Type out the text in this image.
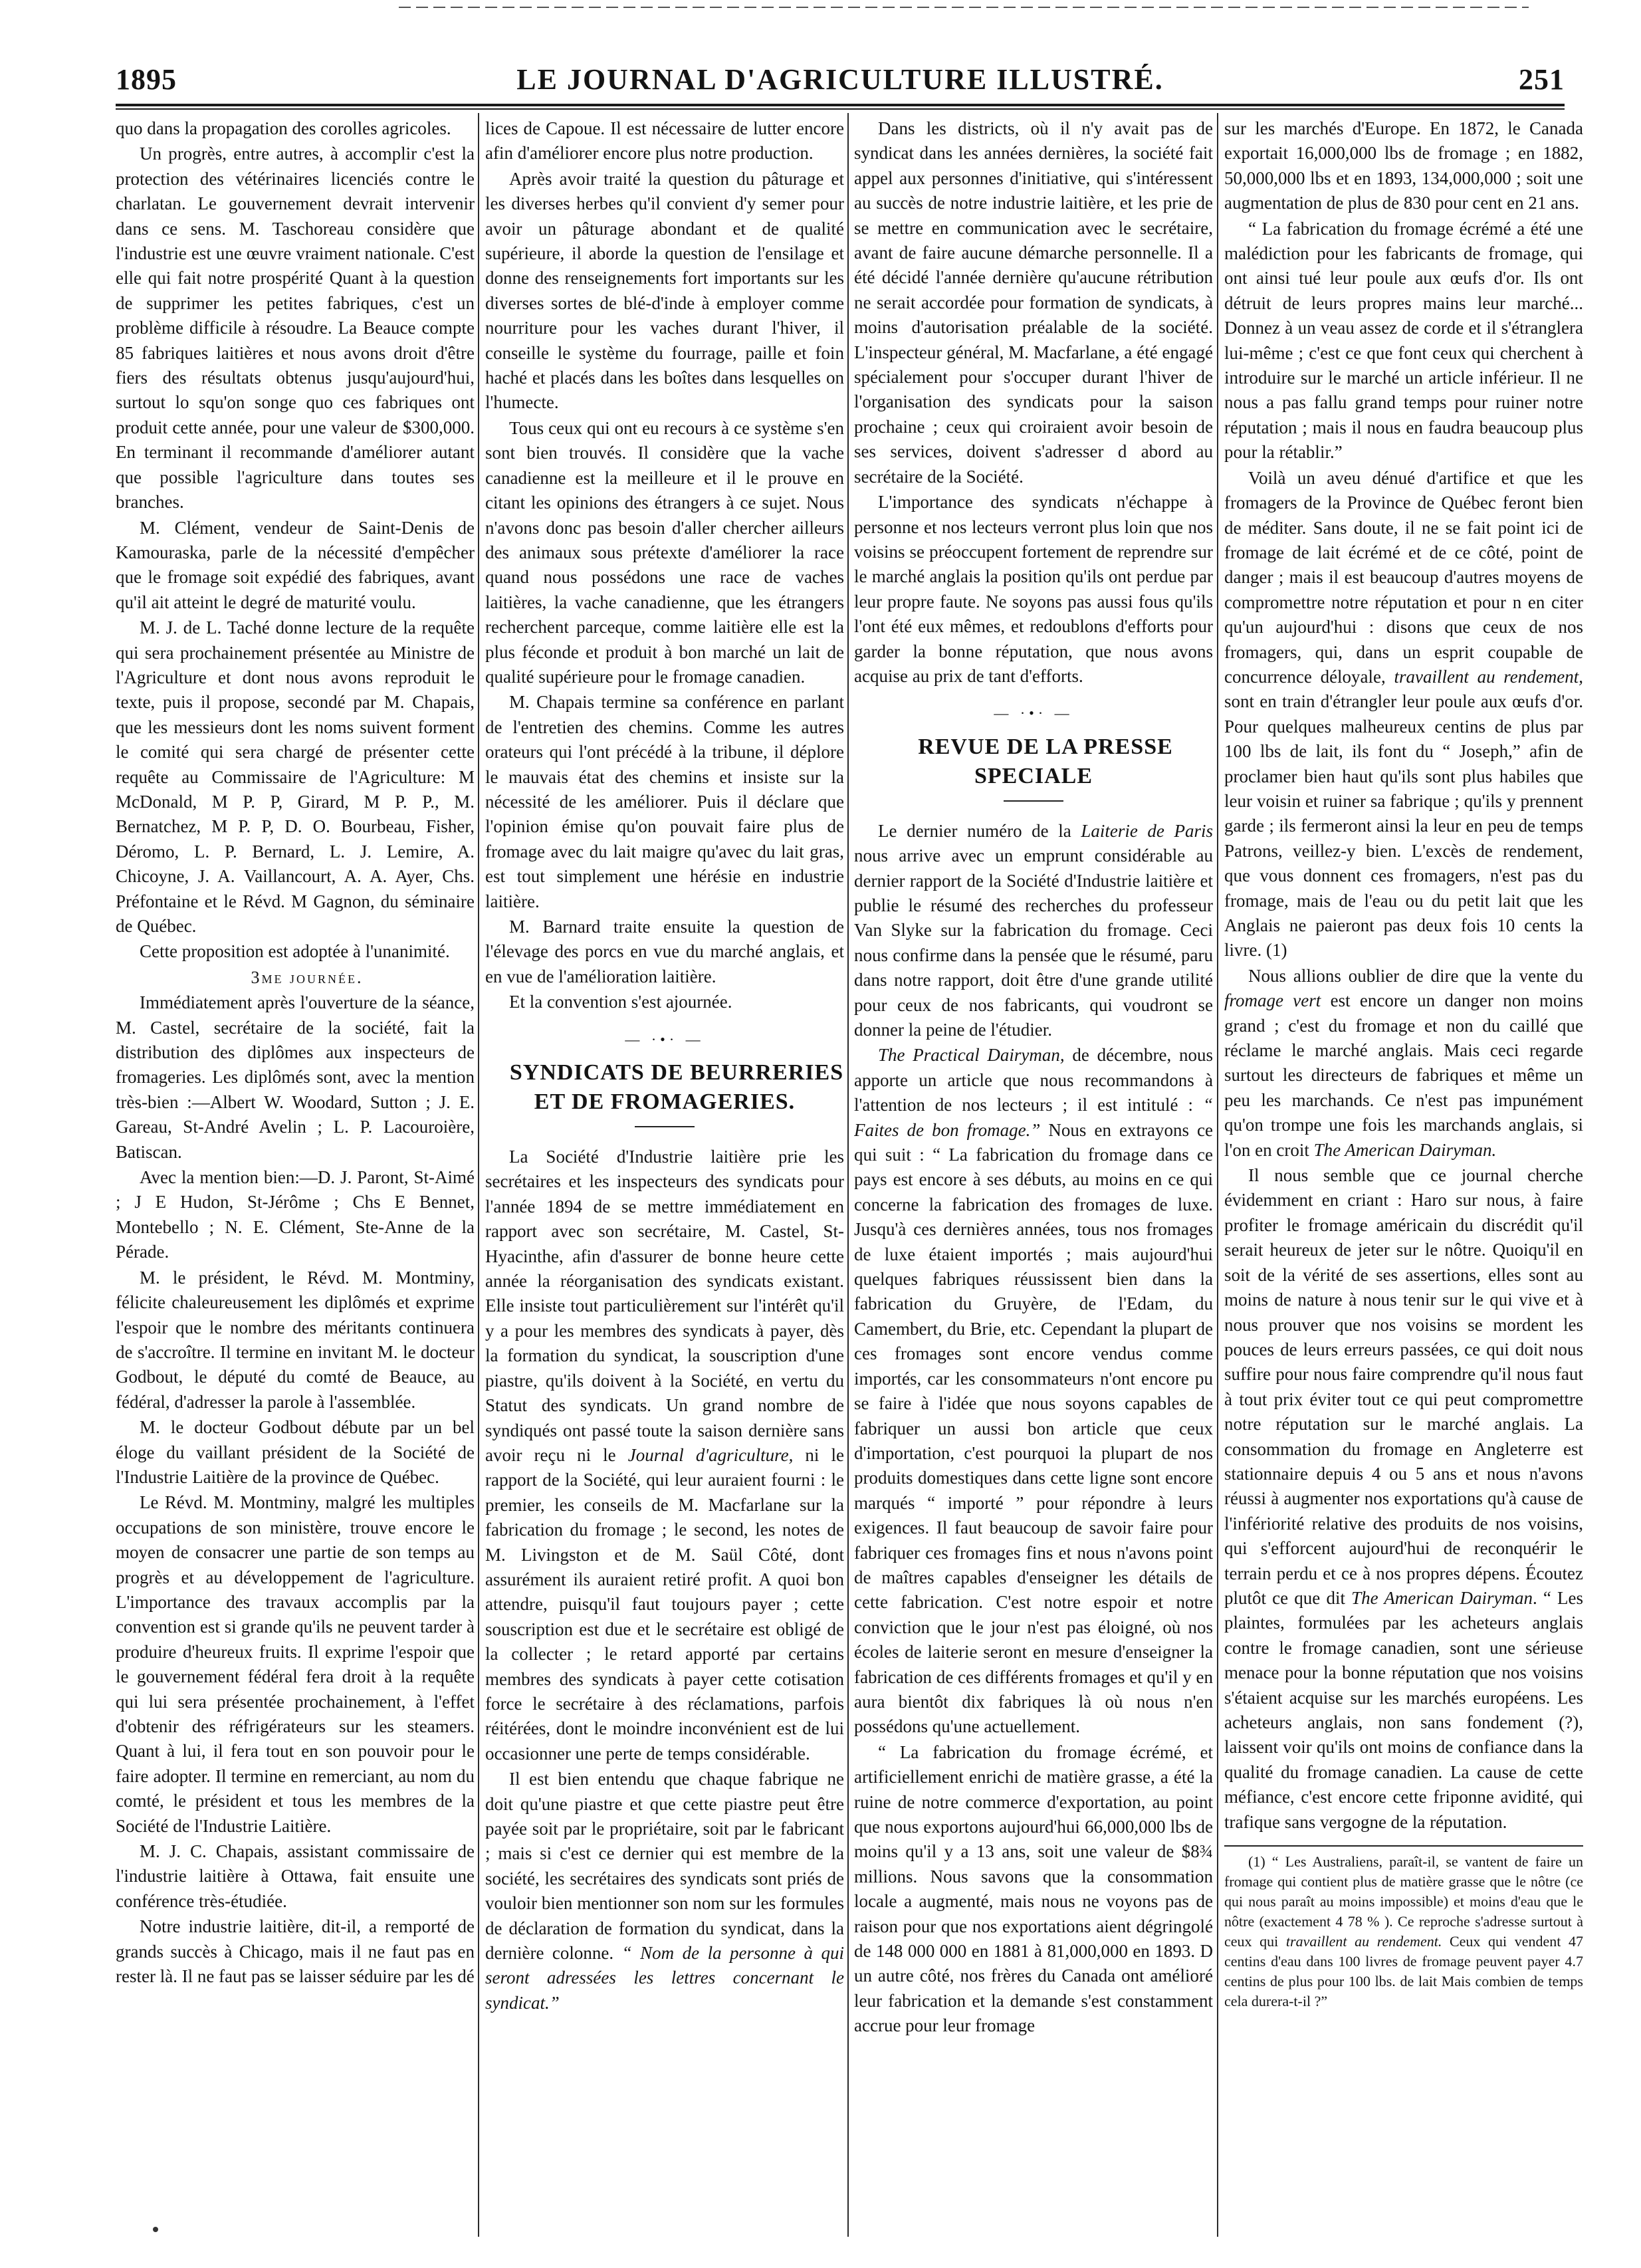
1895	LE JOURNAL D'AGRICULTURE ILLUSTRÉ.	251

quo dans la propagation des corolles agricoles.

Un progrès, entre autres, à accomplir c'est la protection des vétérinaires licenciés contre le charlatan. Le gouvernement devrait intervenir dans ce sens. M. Taschoreau considère que l'industrie est une œuvre vraiment nationale. C'est elle qui fait notre prospérité Quant à la question de supprimer les petites fabriques, c'est un problème difficile à résoudre. La Beauce compte 85 fabriques laitières et nous avons droit d'être fiers des résultats obtenus jusqu'aujourd'hui, surtout lo squ'on songe quo ces fabriques ont produit cette année, pour une valeur de $300,000. En terminant il recommande d'améliorer autant que possible l'agriculture dans toutes ses branches.

M. Clément, vendeur de Saint-Denis de Kamouraska, parle de la nécessité d'empêcher que le fromage soit expédié des fabriques, avant qu'il ait atteint le degré de maturité voulu.

M. J. de L. Taché donne lecture de la requête qui sera prochainement présentée au Ministre de l'Agriculture et dont nous avons reproduit le texte, puis il propose, secondé par M. Chapais, que les messieurs dont les noms suivent forment le comité qui sera chargé de présenter cette requête au Commissaire de l'Agriculture: M McDonald, M P. P, Girard, M P. P., M. Bernatchez, M P. P, D. O. Bourbeau, Fisher, Déromo, L. P. Bernard, L. J. Lemire, A. Chicoyne, J. A. Vaillancourt, A. A. Ayer, Chs. Préfontaine et le Révd. M Gagnon, du séminaire de Québec.

Cette proposition est adoptée à l'unanimité.

3me journée.

Immédiatement après l'ouverture de la séance, M. Castel, secrétaire de la société, fait la distribution des diplômes aux inspecteurs de fromageries. Les diplômés sont, avec la mention très-bien :—Albert W. Woodard, Sutton ; J. E. Gareau, St-André Avelin ; L. P. Lacouroière, Batiscan.

Avec la mention bien:—D. J. Paront, St-Aimé ; J E Hudon, St-Jérôme ; Chs E Bennet, Montebello ; N. E. Clément, Ste-Anne de la Pérade.

M. le président, le Révd. M. Montminy, félicite chaleureusement les diplômés et exprime l'espoir que le nombre des méritants continuera de s'accroître. Il termine en invitant M. le docteur Godbout, le député du comté de Beauce, au fédéral, d'adresser la parole à l'assemblée.

M. le docteur Godbout débute par un bel éloge du vaillant président de la Société de l'Industrie Laitière de la province de Québec.

Le Révd. M. Montminy, malgré les multiples occupations de son ministère, trouve encore le moyen de consacrer une partie de son temps au progrès et au développement de l'agriculture. L'importance des travaux accomplis par la convention est si grande qu'ils ne peuvent tarder à produire d'heureux fruits. Il exprime l'espoir que le gouvernement fédéral fera droit à la requête qui lui sera présentée prochainement, à l'effet d'obtenir des réfrigérateurs sur les steamers. Quant à lui, il fera tout en son pouvoir pour le faire adopter. Il termine en remerciant, au nom du comté, le président et tous les membres de la Société de l'Industrie Laitière.

M. J. C. Chapais, assistant commissaire de l'industrie laitière à Ottawa, fait ensuite une conférence très-étudiée.

Notre industrie laitière, dit-il, a remporté de grands succès à Chicago, mais il ne faut pas en rester là. Il ne faut pas se laisser séduire par les dé

lices de Capoue. Il est nécessaire de lutter encore afin d'améliorer encore plus notre production.

Après avoir traité la question du pâturage et les diverses herbes qu'il convient d'y semer pour avoir un pâturage abondant et de qualité supérieure, il aborde la question de l'ensilage et donne des renseignements fort importants sur les diverses sortes de blé-d'inde à employer comme nourriture pour les vaches durant l'hiver, il conseille le système du fourrage, paille et foin haché et placés dans les boîtes dans lesquelles on l'humecte.

Tous ceux qui ont eu recours à ce système s'en sont bien trouvés. Il considère que la vache canadienne est la meilleure et il le prouve en citant les opinions des étrangers à ce sujet. Nous n'avons donc pas besoin d'aller chercher ailleurs des animaux sous prétexte d'améliorer la race quand nous possédons une race de vaches laitières, la vache canadienne, que les étrangers recherchent parceque, comme laitière elle est la plus féconde et produit à bon marché un lait de qualité supérieure pour le fromage canadien.

M. Chapais termine sa conférence en parlant de l'entretien des chemins. Comme les autres orateurs qui l'ont précédé à la tribune, il déplore le mauvais état des chemins et insiste sur la nécessité de les améliorer. Puis il déclare que l'opinion émise qu'on pouvait faire plus de fromage avec du lait maigre qu'avec du lait gras, est tout simplement une hérésie en industrie laitière.

M. Barnard traite ensuite la question de l'élevage des porcs en vue du marché anglais, et en vue de l'amélioration laitière.

Et la convention s'est ajournée.

— ·•· —

SYNDICATS DE BEURRERIES ET DE FROMAGERIES.

La Société d'Industrie laitière prie les secrétaires et les inspecteurs des syndicats pour l'année 1894 de se mettre immédiatement en rapport avec son secrétaire, M. Castel, St-Hyacinthe, afin d'assurer de bonne heure cette année la réorganisation des syndicats existant. Elle insiste tout particulièrement sur l'intérêt qu'il y a pour les membres des syndicats à payer, dès la formation du syndicat, la souscription d'une piastre, qu'ils doivent à la Société, en vertu du Statut des syndicats. Un grand nombre de syndiqués ont passé toute la saison dernière sans avoir reçu ni le Journal d'agriculture, ni le rapport de la Société, qui leur auraient fourni : le premier, les conseils de M. Macfarlane sur la fabrication du fromage ; le second, les notes de M. Livingston et de M. Saül Côté, dont assurément ils auraient retiré profit. A quoi bon attendre, puisqu'il faut toujours payer ; cette souscription est due et le secrétaire est obligé de la collecter ; le retard apporté par certains membres des syndicats à payer cette cotisation force le secrétaire à des réclamations, parfois réitérées, dont le moindre inconvénient est de lui occasionner une perte de temps considérable.

Il est bien entendu que chaque fabrique ne doit qu'une piastre et que cette piastre peut être payée soit par le propriétaire, soit par le fabricant ; mais si c'est ce dernier qui est membre de la société, les secrétaires des syndicats sont priés de vouloir bien mentionner son nom sur les formules de déclaration de formation du syndicat, dans la dernière colonne. “ Nom de la personne à qui seront adressées les lettres concernant le syndicat.”

Dans les districts, où il n'y avait pas de syndicat dans les années dernières, la société fait appel aux personnes d'initiative, qui s'intéressent au succès de notre industrie laitière, et les prie de se mettre en communication avec le secrétaire, avant de faire aucune démarche personnelle. Il a été décidé l'année dernière qu'aucune rétribution ne serait accordée pour formation de syndicats, à moins d'autorisation préalable de la société. L'inspecteur général, M. Macfarlane, a été engagé spécialement pour s'occuper durant l'hiver de l'organisation des syndicats pour la saison prochaine ; ceux qui croiraient avoir besoin de ses services, doivent s'adresser d abord au secrétaire de la Société.

L'importance des syndicats n'échappe à personne et nos lecteurs verront plus loin que nos voisins se préoccupent fortement de reprendre sur le marché anglais la position qu'ils ont perdue par leur propre faute. Ne soyons pas aussi fous qu'ils l'ont été eux mêmes, et redoublons d'efforts pour garder la bonne réputation, que nous avons acquise au prix de tant d'efforts.

— ·•· —

REVUE DE LA PRESSE SPECIALE

Le dernier numéro de la Laiterie de Paris nous arrive avec un emprunt considérable au dernier rapport de la Société d'Industrie laitière et publie le résumé des recherches du professeur Van Slyke sur la fabrication du fromage. Ceci nous confirme dans la pensée que le résumé, paru dans notre rapport, doit être d'une grande utilité pour ceux de nos fabricants, qui voudront se donner la peine de l'étudier.

The Practical Dairyman, de décembre, nous apporte un article que nous recommandons à l'attention de nos lecteurs ; il est intitulé : “ Faites de bon fromage.” Nous en extrayons ce qui suit : “ La fabrication du fromage dans ce pays est encore à ses débuts, au moins en ce qui concerne la fabrication des fromages de luxe. Jusqu'à ces dernières années, tous nos fromages de luxe étaient importés ; mais aujourd'hui quelques fabriques réussissent bien dans la fabrication du Gruyère, de l'Edam, du Camembert, du Brie, etc. Cependant la plupart de ces fromages sont encore vendus comme importés, car les consommateurs n'ont encore pu se faire à l'idée que nous soyons capables de fabriquer un aussi bon article que ceux d'importation, c'est pourquoi la plupart de nos produits domestiques dans cette ligne sont encore marqués “ importé ” pour répondre à leurs exigences. Il faut beaucoup de savoir faire pour fabriquer ces fromages fins et nous n'avons point de maîtres capables d'enseigner les détails de cette fabrication. C'est notre espoir et notre conviction que le jour n'est pas éloigné, où nos écoles de laiterie seront en mesure d'enseigner la fabrication de ces différents fromages et qu'il y en aura bientôt dix fabriques là où nous n'en possédons qu'une actuellement.

“ La fabrication du fromage écrémé, et artificiellement enrichi de matière grasse, a été la ruine de notre commerce d'exportation, au point que nous exportons aujourd'hui 66,000,000 lbs de moins qu'il y a 13 ans, soit une valeur de $8¾ millions. Nous savons que la consommation locale a augmenté, mais nous ne voyons pas de raison pour que nos exportations aient dégringolé de 148 000 000 en 1881 à 81,000,000 en 1893. D un autre côté, nos frères du Canada ont amélioré leur fabrication et la demande s'est constamment accrue pour leur fromage

sur les marchés d'Europe. En 1872, le Canada exportait 16,000,000 lbs de fromage ; en 1882, 50,000,000 lbs et en 1893, 134,000,000 ; soit une augmentation de plus de 830 pour cent en 21 ans.

“ La fabrication du fromage écrémé a été une malédiction pour les fabricants de fromage, qui ont ainsi tué leur poule aux œufs d'or. Ils ont détruit de leurs propres mains leur marché... Donnez à un veau assez de corde et il s'étranglera lui-même ; c'est ce que font ceux qui cherchent à introduire sur le marché un article inférieur. Il ne nous a pas fallu grand temps pour ruiner notre réputation ; mais il nous en faudra beaucoup plus pour la rétablir.”

Voilà un aveu dénué d'artifice et que les fromagers de la Province de Québec feront bien de méditer. Sans doute, il ne se fait point ici de fromage de lait écrémé et de ce côté, point de danger ; mais il est beaucoup d'autres moyens de compromettre notre réputation et pour n en citer qu'un aujourd'hui : disons que ceux de nos fromagers, qui, dans un esprit coupable de concurrence déloyale, travaillent au rendement, sont en train d'étrangler leur poule aux œufs d'or. Pour quelques malheureux centins de plus par 100 lbs de lait, ils font du “ Joseph,” afin de proclamer bien haut qu'ils sont plus habiles que leur voisin et ruiner sa fabrique ; qu'ils y prennent garde ; ils fermeront ainsi la leur en peu de temps Patrons, veillez-y bien. L'excès de rendement, que vous donnent ces fromagers, n'est pas du fromage, mais de l'eau ou du petit lait que les Anglais ne paieront pas deux fois 10 cents la livre. (1)

Nous allions oublier de dire que la vente du fromage vert est encore un danger non moins grand ; c'est du fromage et non du caillé que réclame le marché anglais. Mais ceci regarde surtout les directeurs de fabriques et même un peu les marchands. Ce n'est pas impunément qu'on trompe une fois les marchands anglais, si l'on en croit The American Dairyman.

Il nous semble que ce journal cherche évidemment en criant : Haro sur nous, à faire profiter le fromage américain du discrédit qu'il serait heureux de jeter sur le nôtre. Quoiqu'il en soit de la vérité de ses assertions, elles sont au moins de nature à nous tenir sur le qui vive et à nous prouver que nos voisins se mordent les pouces de leurs erreurs passées, ce qui doit nous suffire pour nous faire comprendre qu'il nous faut à tout prix éviter tout ce qui peut compromettre notre réputation sur le marché anglais. La consommation du fromage en Angleterre est stationnaire depuis 4 ou 5 ans et nous n'avons réussi à augmenter nos exportations qu'à cause de l'infériorité relative des produits de nos voisins, qui s'efforcent aujourd'hui de reconquérir le terrain perdu et ce à nos propres dépens. Écoutez plutôt ce que dit The American Dairyman. “ Les plaintes, formulées par les acheteurs anglais contre le fromage canadien, sont une sérieuse menace pour la bonne réputation que nos voisins s'étaient acquise sur les marchés européens. Les acheteurs anglais, non sans fondement (?), laissent voir qu'ils ont moins de confiance dans la qualité du fromage canadien. La cause de cette méfiance, c'est encore cette friponne avidité, qui trafique sans vergogne de la réputation.

(1) “ Les Australiens, paraît-il, se vantent de faire un fromage qui contient plus de matière grasse que le nôtre (ce qui nous paraît au moins impossible) et moins d'eau que le nôtre (exactement 4 78 % ). Ce reproche s'adresse surtout à ceux qui travaillent au rendement. Ceux qui vendent 47 centins d'eau dans 100 livres de fromage peuvent payer 4.7 centins de plus pour 100 lbs. de lait Mais combien de temps cela durera-t-il ?”
